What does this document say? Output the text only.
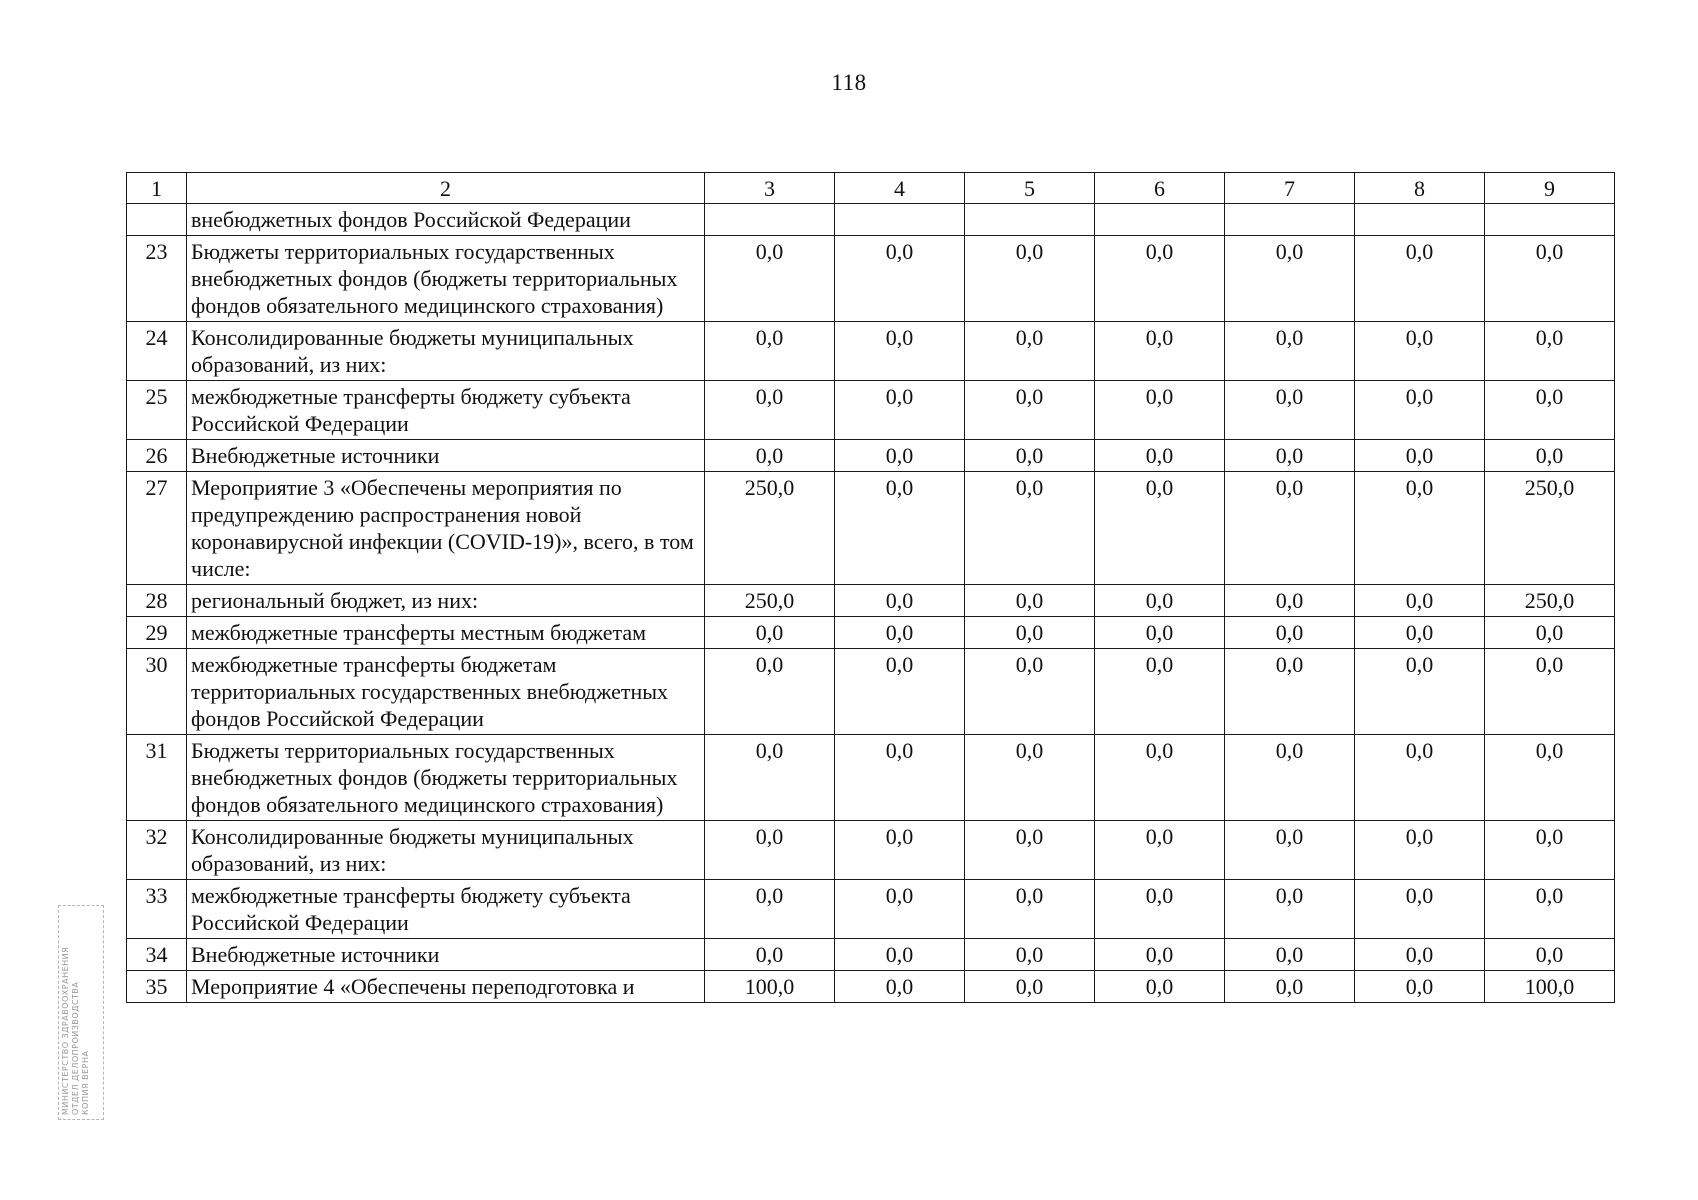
118
1	2	3	4	5	6	7	8	9
	внебюджетных фондов Российской Федерации							
23	Бюджеты территориальных государственных внебюджетных фондов (бюджеты территориальных фондов обязательного медицинского страхования)	0,0	0,0	0,0	0,0	0,0	0,0	0,0
24	Консолидированные бюджеты муниципальных образований, из них:	0,0	0,0	0,0	0,0	0,0	0,0	0,0
25	межбюджетные трансферты бюджету субъекта Российской Федерации	0,0	0,0	0,0	0,0	0,0	0,0	0,0
26	Внебюджетные источники	0,0	0,0	0,0	0,0	0,0	0,0	0,0
27	Мероприятие 3 «Обеспечены мероприятия по предупреждению распространения новой коронавирусной инфекции (COVID-19)», всего, в том числе:	250,0	0,0	0,0	0,0	0,0	0,0	250,0
28	региональный бюджет, из них:	250,0	0,0	0,0	0,0	0,0	0,0	250,0
29	межбюджетные трансферты местным бюджетам	0,0	0,0	0,0	0,0	0,0	0,0	0,0
30	межбюджетные трансферты бюджетам территориальных государственных внебюджетных фондов Российской Федерации	0,0	0,0	0,0	0,0	0,0	0,0	0,0
31	Бюджеты территориальных государственных внебюджетных фондов (бюджеты территориальных фондов обязательного медицинского страхования)	0,0	0,0	0,0	0,0	0,0	0,0	0,0
32	Консолидированные бюджеты муниципальных образований, из них:	0,0	0,0	0,0	0,0	0,0	0,0	0,0
33	межбюджетные трансферты бюджету субъекта Российской Федерации	0,0	0,0	0,0	0,0	0,0	0,0	0,0
34	Внебюджетные источники	0,0	0,0	0,0	0,0	0,0	0,0	0,0
35	Мероприятие 4 «Обеспечены переподготовка и	100,0	0,0	0,0	0,0	0,0	0,0	100,0
МИНИСТЕРСТВО ЗДРАВООХРАНЕНИЯ ОТДЕЛ ДЕЛОПРОИЗВОДСТВА КОПИЯ ВЕРНА
